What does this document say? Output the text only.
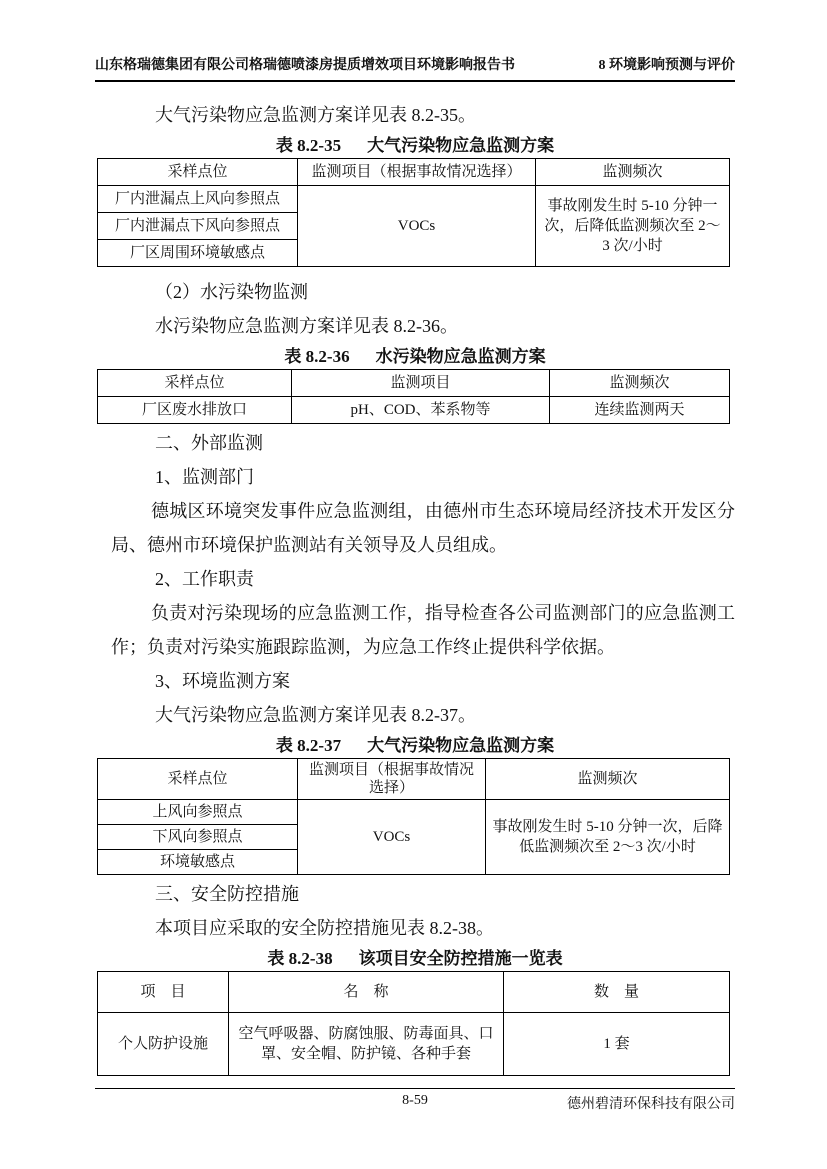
山东格瑞德集团有限公司格瑞德喷漆房提质增效项目环境影响报告书	8 环境影响预测与评价

大气污染物应急监测方案详见表 8.2-35。

表 8.2-35 大气污染物应急监测方案
采样点位	监测项目（根据事故情况选择）	监测频次
厂内泄漏点上风向参照点	VOCs	事故刚发生时 5-10 分钟一次，后降低监测频次至 2～3 次/小时
厂内泄漏点下风向参照点		
厂区周围环境敏感点		

（2）水污染物监测

水污染物应急监测方案详见表 8.2-36。

表 8.2-36 水污染物应急监测方案
采样点位	监测项目	监测频次
厂区废水排放口	pH、COD、苯系物等	连续监测两天

二、外部监测

1、监测部门

德城区环境突发事件应急监测组，由德州市生态环境局经济技术开发区分局、德州市环境保护监测站有关领导及人员组成。

2、工作职责

负责对污染现场的应急监测工作，指导检查各公司监测部门的应急监测工作；负责对污染实施跟踪监测，为应急工作终止提供科学依据。

3、环境监测方案

大气污染物应急监测方案详见表 8.2-37。

表 8.2-37 大气污染物应急监测方案
采样点位	监测项目（根据事故情况选择）	监测频次
上风向参照点	VOCs	事故刚发生时 5-10 分钟一次，后降低监测频次至 2～3 次/小时
下风向参照点		
环境敏感点		

三、安全防控措施

本项目应采取的安全防控措施见表 8.2-38。

表 8.2-38 该项目安全防控措施一览表
项　目	名　称	数　量
个人防护设施	空气呼吸器、防腐蚀服、防毒面具、口罩、安全帽、防护镜、各种手套	1 套
8-59	德州碧清环保科技有限公司
